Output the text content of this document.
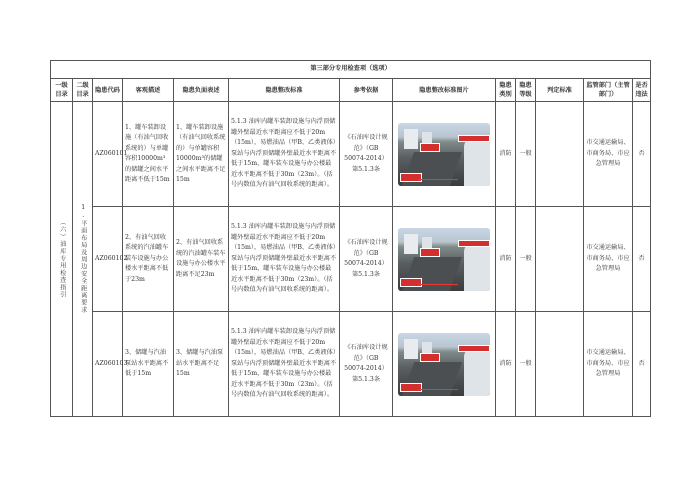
第三部分专用检查项（选项）												
一级目录	二级目录	隐患代码	客观描述	隐患负面表述	隐患整改标准	参考依据	隐患整改标准图片	隐患类别	隐患等级	判定标准	监管部门（主管部门）	是否违法

（六）油库专用检查指引	1.平面布局及周边安全距离要求	AZ060101	1、罐车装卸设施（有油气回收系统的）与单罐容积10000m³的储罐之间水平距离不低于15m	1、罐车装卸设施（有油气回收系统的）与单罐容积10000m³的储罐之间水平距离不足15m	5.1.3 油库内罐车装卸设施与内浮顶储罐外壁最近水平距离应不低于20m（15m），易燃油品（甲B、乙类液体）泵站与内浮顶储罐外壁最近水平距离不低于15m，罐车装车设施与办公楼最近水平距离不低于30m（23m）。（括号内数值为有油气回收系统的距离）。	《石油库设计规范》（GB 50074-2014）第5.1.3条		消防	一般		市交通运输局、市商务局、市应急管理局	否
		AZ060102	2、有油气回收系统的汽油罐车装车设施与办公楼水平距离不低于23m	2、有油气回收系统的汽油罐车装车设施与办公楼水平距离不足23m	5.1.3 油库内罐车装卸设施与内浮顶储罐外壁最近水平距离应不低于20m（15m），易燃油品（甲B、乙类液体）泵站与内浮顶储罐外壁最近水平距离不低于15m，罐车装车设施与办公楼最近水平距离不低于30m（23m）。（括号内数值为有油气回收系统的距离）。	《石油库设计规范》（GB 50074-2014）第5.1.3条		消防	一般		市交通运输局、市商务局、市应急管理局	否
		AZ060103	3、储罐与汽油泵站水平距离不低于15m	3、储罐与汽油泵站水平距离不足15m	5.1.3 油库内罐车装卸设施与内浮顶储罐外壁最近水平距离应不低于20m（15m），易燃油品（甲B、乙类液体）泵站与内浮顶储罐外壁最近水平距离不低于15m，罐车装车设施与办公楼最近水平距离不低于30m（23m）。（括号内数值为有油气回收系统的距离）。	《石油库设计规范》（GB 50074-2014）第5.1.3条		消防	一般		市交通运输局、市商务局、市应急管理局	否
